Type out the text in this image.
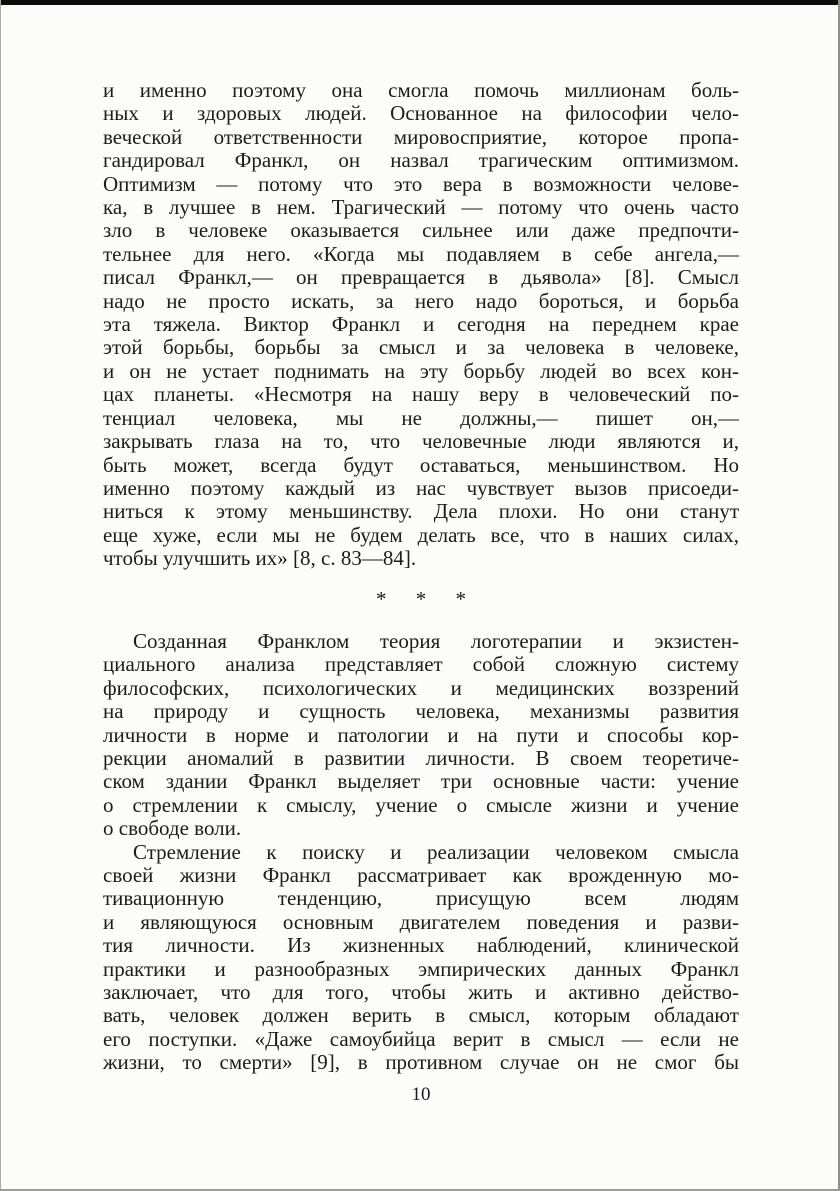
и именно поэтому она смогла помочь миллионам боль-
ных и здоровых людей. Основанное на философии чело-
веческой ответственности мировосприятие, которое пропа-
гандировал Франкл, он назвал трагическим оптимизмом.
Оптимизм — потому что это вера в возможности челове-
ка, в лучшее в нем. Трагический — потому что очень часто
зло в человеке оказывается сильнее или даже предпочти-
тельнее для него. «Когда мы подавляем в себе ангела,—
писал Франкл,— он превращается в дьявола» [8]. Смысл
надо не просто искать, за него надо бороться, и борьба
эта тяжела. Виктор Франкл и сегодня на переднем крае
этой борьбы, борьбы за смысл и за человека в человеке,
и он не устает поднимать на эту борьбу людей во всех кон-
цах планеты. «Несмотря на нашу веру в человеческий по-
тенциал человека, мы не должны,— пишет он,—
закрывать глаза на то, что человечные люди являются и,
быть может, всегда будут оставаться, меньшинством. Но
именно поэтому каждый из нас чувствует вызов присоеди-
ниться к этому меньшинству. Дела плохи. Но они станут
еще хуже, если мы не будем делать все, что в наших силах,
чтобы улучшить их» [8, с. 83—84].
* * *
Созданная Франклом теория логотерапии и экзистен-
циального анализа представляет собой сложную систему
философских, психологических и медицинских воззрений
на природу и сущность человека, механизмы развития
личности в норме и патологии и на пути и способы кор-
рекции аномалий в развитии личности. В своем теоретиче-
ском здании Франкл выделяет три основные части: учение
о стремлении к смыслу, учение о смысле жизни и учение
о свободе воли.
Стремление к поиску и реализации человеком смысла
своей жизни Франкл рассматривает как врожденную мо-
тивационную тенденцию, присущую всем людям
и являющуюся основным двигателем поведения и разви-
тия личности. Из жизненных наблюдений, клинической
практики и разнообразных эмпирических данных Франкл
заключает, что для того, чтобы жить и активно действо-
вать, человек должен верить в смысл, которым обладают
его поступки. «Даже самоубийца верит в смысл — если не
жизни, то смерти» [9], в противном случае он не смог бы
10
